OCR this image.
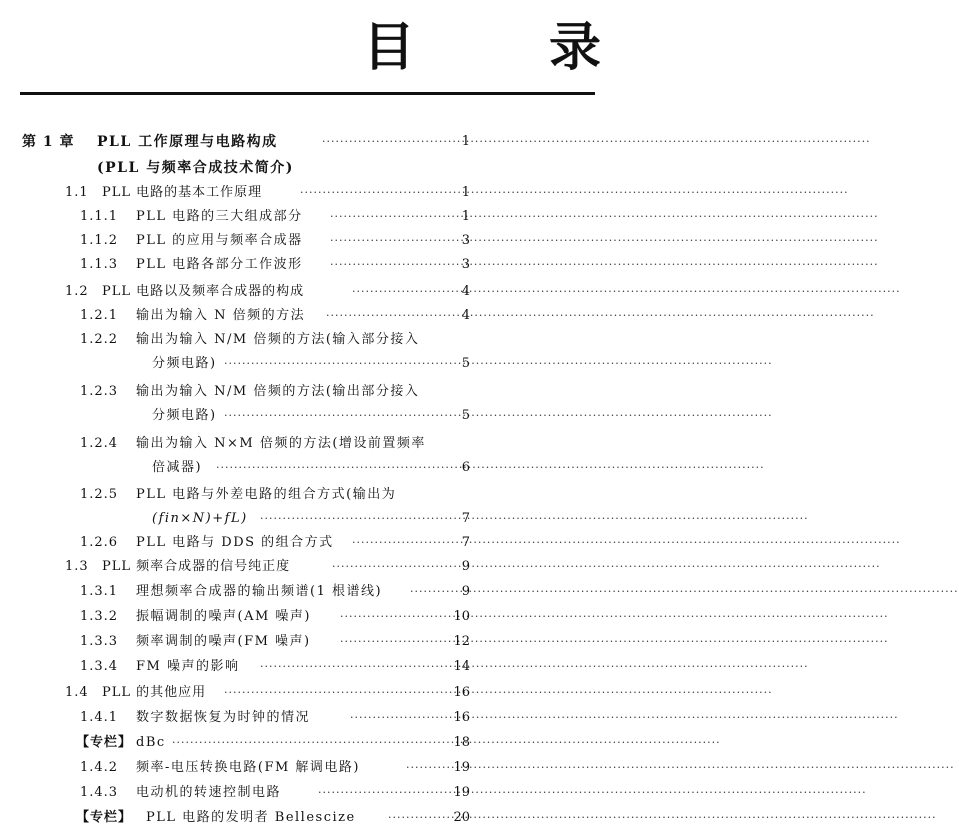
目 录
第 1 章 PLL 工作原理与电路构成 ·····	1
(PLL 与频率合成技术简介)
1.1 PLL 电路的基本工作原理 ·····	1
1.1.1 PLL 电路的三大组成部分 ·····	1
1.1.2 PLL 的应用与频率合成器 ·····	3
1.1.3 PLL 电路各部分工作波形 ·····	3
1.2 PLL 电路以及频率合成器的构成 ·····	4
1.2.1 输出为输入 N 倍频的方法 ·····	4
1.2.2 输出为输入 N/M 倍频的方法(输入部分接入
分频电路) ·····	5
1.2.3 输出为输入 N/M 倍频的方法(输出部分接入
分频电路) ·····	5
1.2.4 输出为输入 N×M 倍频的方法(增设前置频率
倍减器) ·····	6
1.2.5 PLL 电路与外差电路的组合方式(输出为
(fin×N)+fL) ·····	7
1.2.6 PLL 电路与 DDS 的组合方式 ·····	7
1.3 PLL 频率合成器的信号纯正度 ·····	9
1.3.1 理想频率合成器的输出频谱(1 根谱线) ·····	9
1.3.2 振幅调制的噪声(AM 噪声) ·····	10
1.3.3 频率调制的噪声(FM 噪声) ·····	12
1.3.4 FM 噪声的影响 ·····	14
1.4 PLL 的其他应用 ·····	16
1.4.1 数字数据恢复为时钟的情况 ·····	16
【专栏】 dBc ·····	18
1.4.2 频率-电压转换电路(FM 解调电路) ·····	19
1.4.3 电动机的转速控制电路 ·····	19
【专栏】 PLL 电路的发明者 Bellescize ·····	20
